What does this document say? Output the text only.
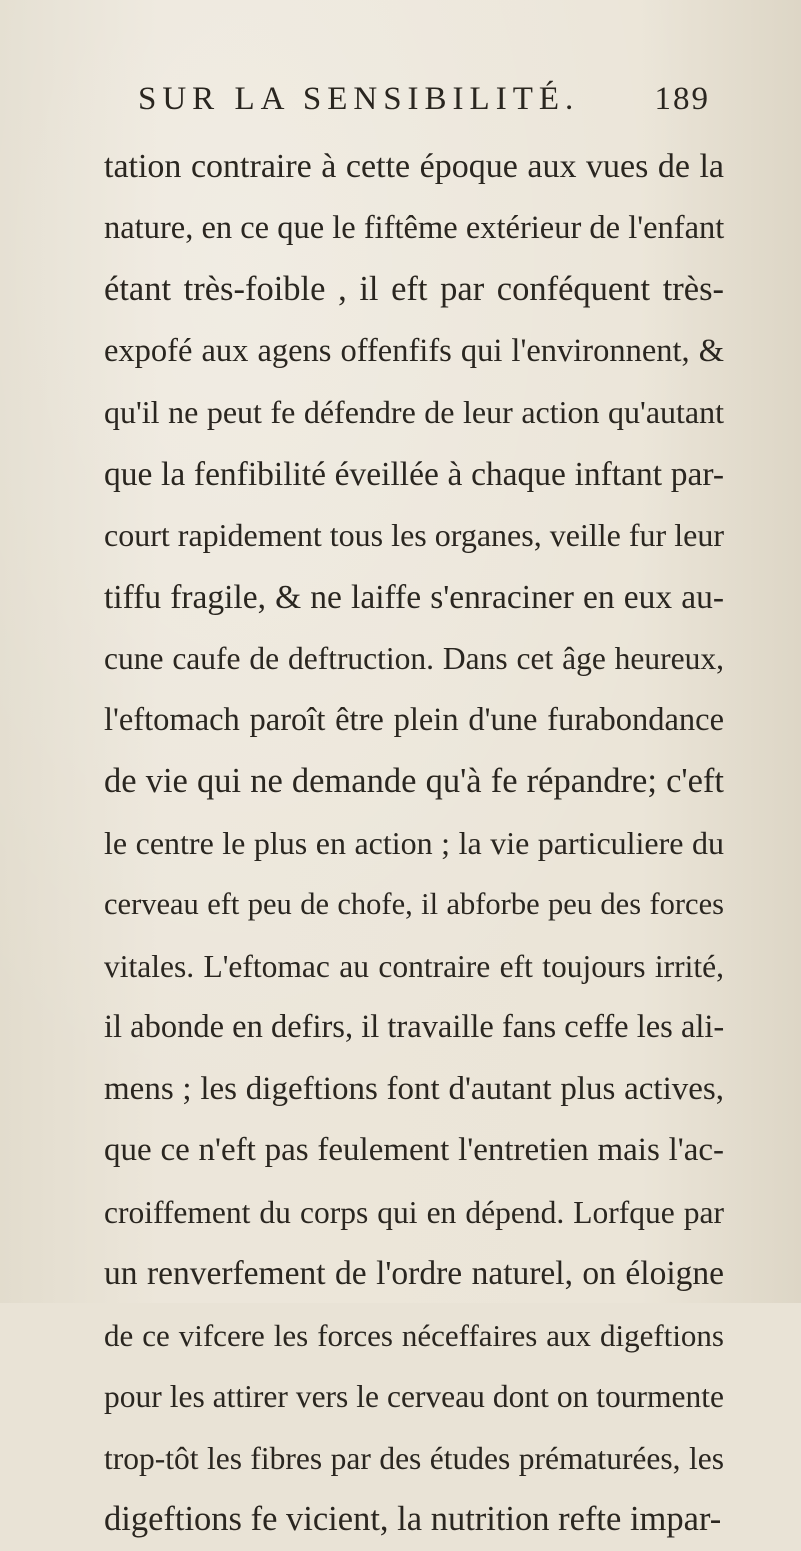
SUR LA SENSIBILITÉ. 189
tation contraire à cette époque aux vues de la
nature, en ce que le fiftême extérieur de l'enfant
étant très-foible , il eft par conféquent très-
expofé aux agens offenfifs qui l'environnent, &
qu'il ne peut fe défendre de leur action qu'autant
que la fenfibilité éveillée à chaque inftant par-
court rapidement tous les organes, veille fur leur
tiffu fragile, & ne laiffe s'enraciner en eux au-
cune caufe de deftruction. Dans cet âge heureux,
l'eftomach paroît être plein d'une furabondance
de vie qui ne demande qu'à fe répandre; c'eft
le centre le plus en action ; la vie particuliere du
cerveau eft peu de chofe, il abforbe peu des forces
vitales. L'eftomac au contraire eft toujours irrité,
il abonde en defirs, il travaille fans ceffe les ali-
mens ; les digeftions font d'autant plus actives,
que ce n'eft pas feulement l'entretien mais l'ac-
croiffement du corps qui en dépend. Lorfque par
un renverfement de l'ordre naturel, on éloigne
de ce vifcere les forces néceffaires aux digeftions
pour les attirer vers le cerveau dont on tourmente
trop-tôt les fibres par des études prématurées, les
digeftions fe vicient, la nutrition refte impar-
